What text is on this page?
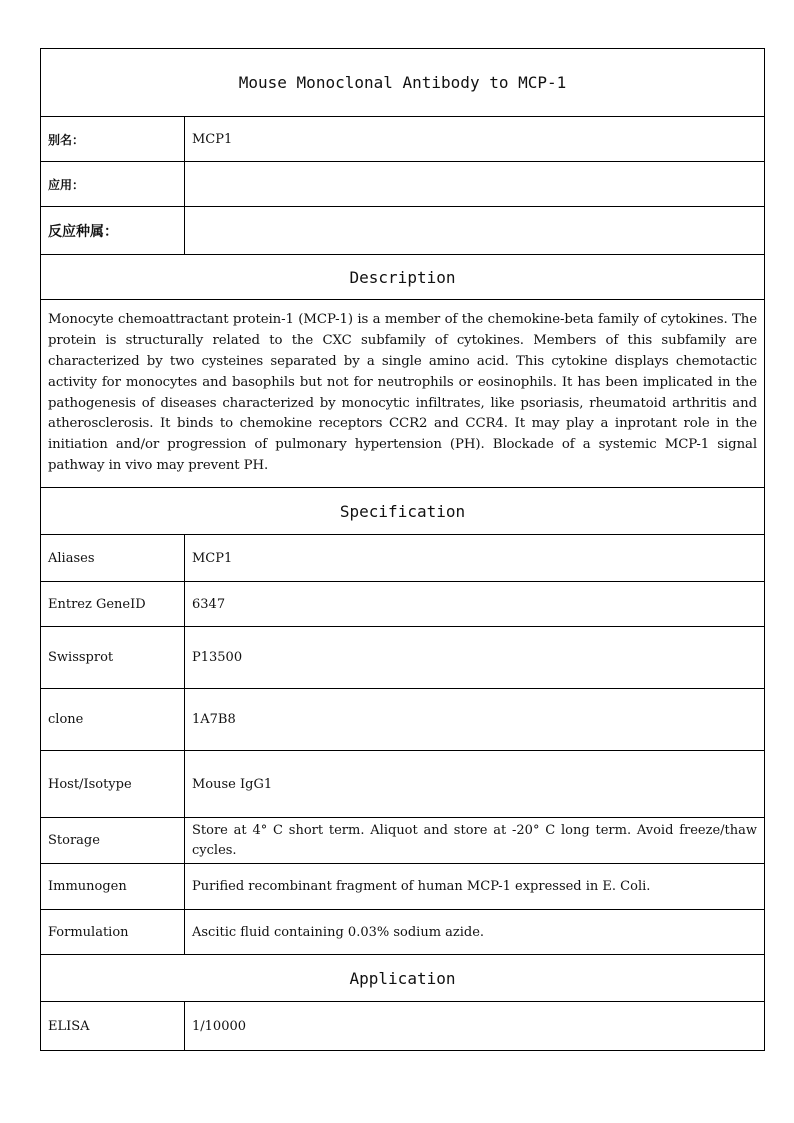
Mouse Monoclonal Antibody to MCP-1	
别名：	MCP1
应用：	
反应种属：	
Description	
Monocyte chemoattractant protein-1 (MCP-1) is a member of the chemokine-beta family of cytokines. The protein is structurally related to the CXC subfamily of cytokines. Members of this subfamily are characterized by two cysteines separated by a single amino acid. This cytokine displays chemotactic activity for monocytes and basophils but not for neutrophils or eosinophils. It has been implicated in the pathogenesis of diseases characterized by monocytic infiltrates, like psoriasis, rheumatoid arthritis and atherosclerosis. It binds to chemokine receptors CCR2 and CCR4. It may play a inprotant role in the initiation and/or progression of pulmonary hypertension (PH). Blockade of a systemic MCP-1 signal pathway in vivo may prevent PH.	
Specification	
Aliases	MCP1
Entrez GeneID	6347
Swissprot	P13500
clone	1A7B8
Host/Isotype	Mouse IgG1
Storage	Store at 4° C short term. Aliquot and store at -20° C long term. Avoid freeze/thaw cycles.
Immunogen	Purified recombinant fragment of human MCP-1 expressed in E. Coli.
Formulation	Ascitic fluid containing 0.03% sodium azide.
Application	
ELISA	1/10000
